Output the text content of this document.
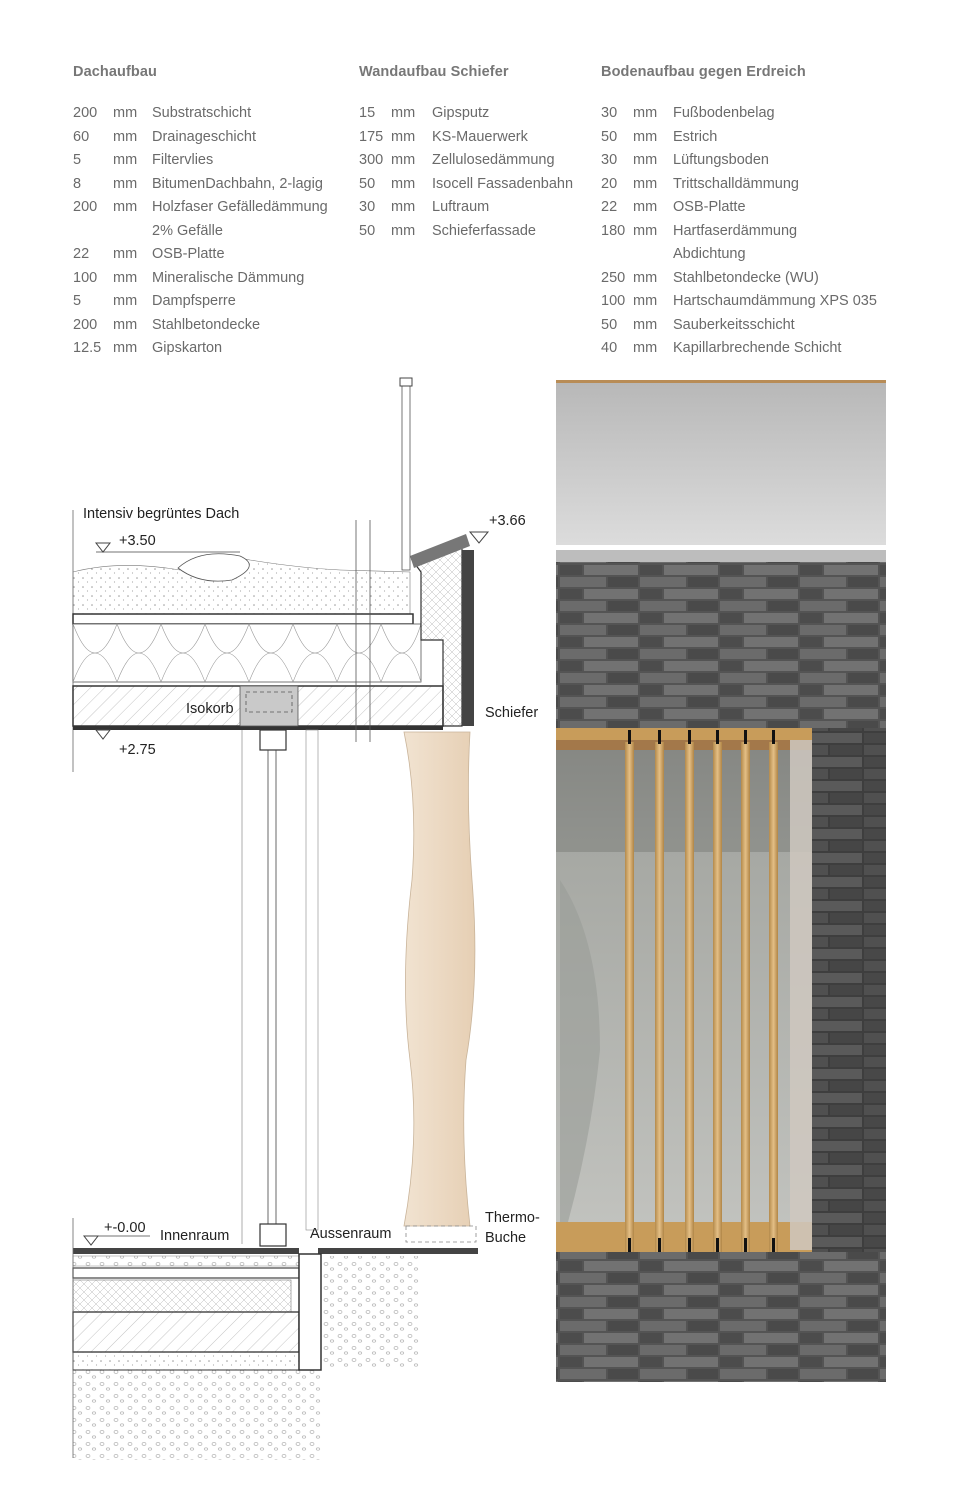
Dachaufbau
200	mm	Substratschicht
60	mm	Drainageschicht
5	mm	Filtervlies
8	mm	BitumenDachbahn, 2-lagig
200	mm	Holzfaser Gefälledämmung
2% Gefälle
22	mm	OSB-Platte
100	mm	Mineralische Dämmung
5	mm	Dampfsperre
200	mm	Stahlbetondecke
12.5 mm	Gipskarton
Wandaufbau Schiefer
15	mm	Gipsputz
175 mm	KS-Mauerwerk
300 mm	Zellulosedämmung
50	mm	Isocell Fassadenbahn
30	mm	Luftraum
50	mm	Schieferfassade
Bodenaufbau gegen Erdreich
30	mm	Fußbodenbelag
50	mm	Estrich
30	mm	Lüftungsboden
20	mm	Trittschalldämmung
22	mm	OSB-Platte
180 mm	Hartfaserdämmung
Abdichtung
250 mm	Stahlbetondecke (WU)
100 mm	Hartschaumdämmung XPS 035
50	mm	Sauberkeitsschicht
40	mm	Kapillarbrechende Schicht
Intensiv begrüntes Dach
+3.50
+3.66
Isokorb	Schiefer
+2.75
+-0.00 Innenraum	Aussenraum
Thermo-
Buche
